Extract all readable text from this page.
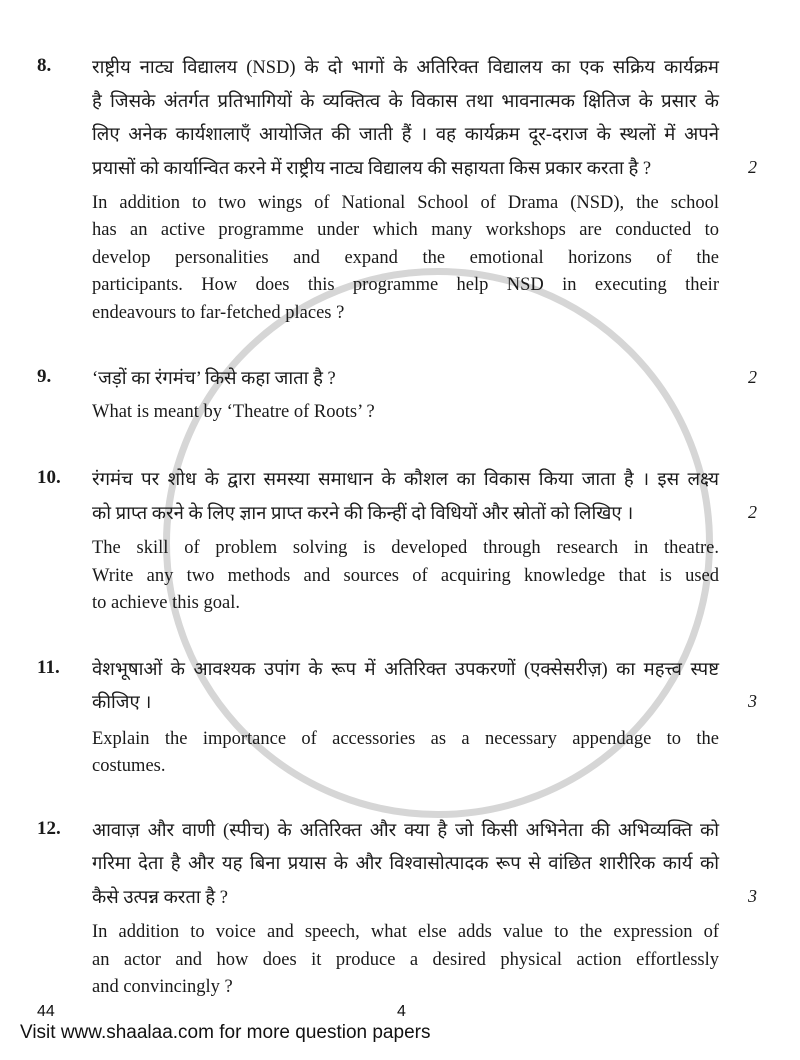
8. राष्ट्रीय नाट्य विद्यालय (NSD) के दो भागों के अतिरिक्त विद्यालय का एक सक्रिय कार्यक्रम
है जिसके अंतर्गत प्रतिभागियों के व्यक्तित्व के विकास तथा भावनात्मक क्षितिज के प्रसार के
लिए अनेक कार्यशालाएँ आयोजित की जाती हैं । वह कार्यक्रम दूर-दराज के स्थलों में अपने
प्रयासों को कार्यान्वित करने में राष्ट्रीय नाट्य विद्यालय की सहायता किस प्रकार करता है ?	2
In addition to two wings of National School of Drama (NSD), the school
has an active programme under which many workshops are conducted to
develop personalities and expand the emotional horizons of the
participants. How does this programme help NSD in executing their
endeavours to far-fetched places ?
9. ‘जड़ों का रंगमंच’ किसे कहा जाता है ?	2
What is meant by ‘Theatre of Roots’ ?
10. रंगमंच पर शोध के द्वारा समस्या समाधान के कौशल का विकास किया जाता है । इस लक्ष्य
को प्राप्त करने के लिए ज्ञान प्राप्त करने की किन्हीं दो विधियों और स्रोतों को लिखिए ।	2
The skill of problem solving is developed through research in theatre.
Write any two methods and sources of acquiring knowledge that is used
to achieve this goal.
11. वेशभूषाओं के आवश्यक उपांग के रूप में अतिरिक्त उपकरणों (एक्सेसरीज़) का महत्त्व स्पष्ट
कीजिए ।	3
Explain the importance of accessories as a necessary appendage to the
costumes.
12. आवाज़ और वाणी (स्पीच) के अतिरिक्त और क्या है जो किसी अभिनेता की अभिव्यक्ति को
गरिमा देता है और यह बिना प्रयास के और विश्वासोत्पादक रूप से वांछित शारीरिक कार्य को
कैसे उत्पन्न करता है ?	3
In addition to voice and speech, what else adds value to the expression of
an actor and how does it produce a desired physical action effortlessly
and convincingly ?
44	4
Visit www.shaalaa.com for more question papers
